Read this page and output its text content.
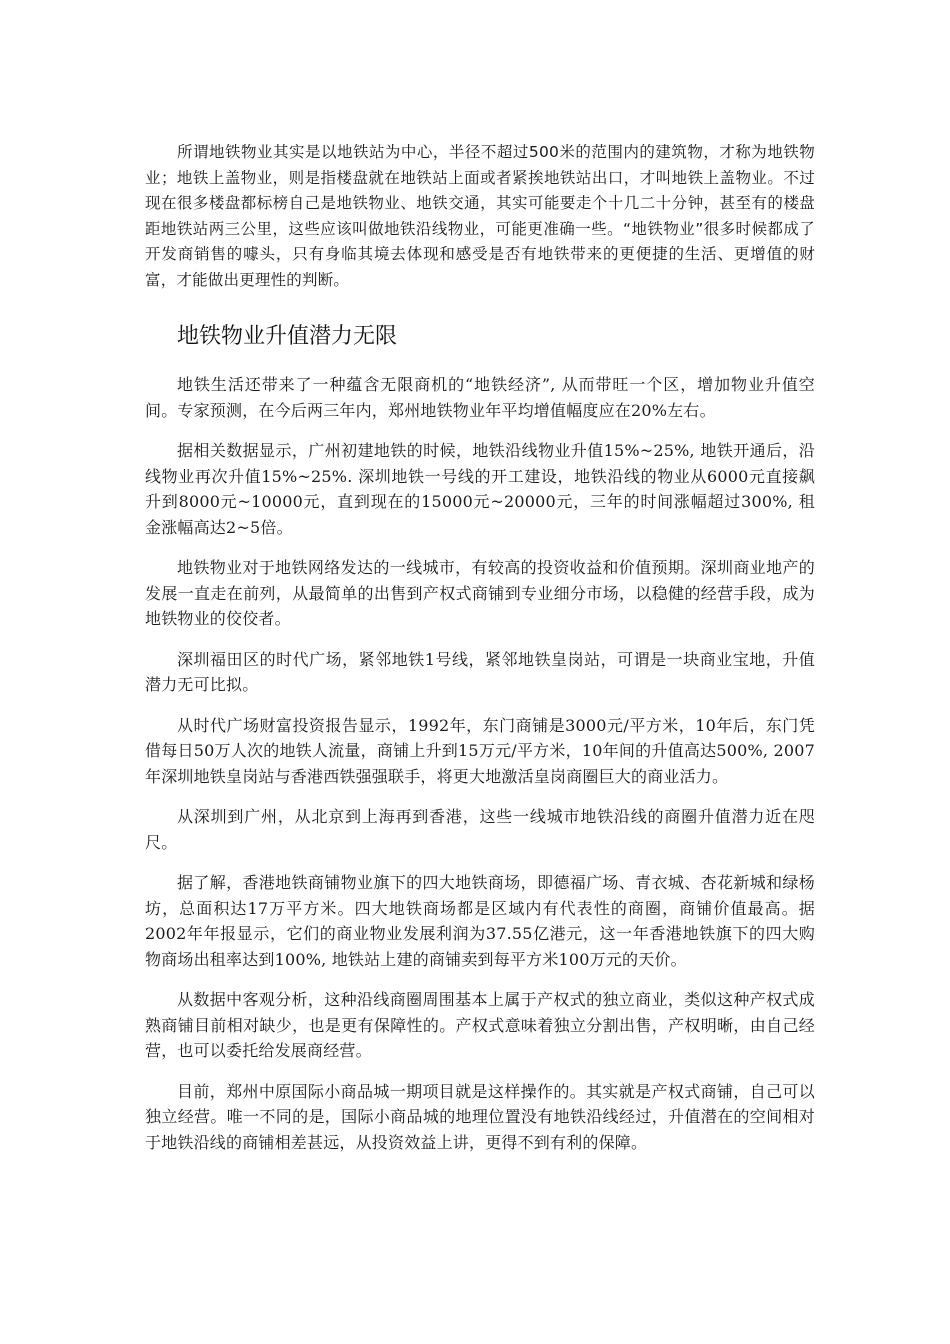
所谓地铁物业其实是以地铁站为中心，半径不超过500米的范围内的建筑物，才称为地铁物业；地铁上盖物业，则是指楼盘就在地铁站上面或者紧挨地铁站出口，才叫地铁上盖物业。不过现在很多楼盘都标榜自己是地铁物业、地铁交通，其实可能要走个十几二十分钟，甚至有的楼盘距地铁站两三公里，这些应该叫做地铁沿线物业，可能更准确一些。“地铁物业”很多时候都成了开发商销售的噱头，只有身临其境去体现和感受是否有地铁带来的更便捷的生活、更增值的财富，才能做出更理性的判断。

地铁物业升值潜力无限

地铁生活还带来了一种蕴含无限商机的“地铁经济”, 从而带旺一个区，增加物业升值空间。专家预测，在今后两三年内，郑州地铁物业年平均增值幅度应在20%左右。

据相关数据显示，广州初建地铁的时候，地铁沿线物业升值15%~25%, 地铁开通后，沿线物业再次升值15%~25%. 深圳地铁一号线的开工建设，地铁沿线的物业从6000元直接飙升到8000元~10000元，直到现在的15000元~20000元，三年的时间涨幅超过300%, 租金涨幅高达2~5倍。

地铁物业对于地铁网络发达的一线城市，有较高的投资收益和价值预期。深圳商业地产的发展一直走在前列，从最简单的出售到产权式商铺到专业细分市场，以稳健的经营手段，成为地铁物业的佼佼者。

深圳福田区的时代广场，紧邻地铁1号线，紧邻地铁皇岗站，可谓是一块商业宝地，升值潜力无可比拟。

从时代广场财富投资报告显示，1992年，东门商铺是3000元/平方米，10年后，东门凭借每日50万人次的地铁人流量，商铺上升到15万元/平方米，10年间的升值高达500%, 2007年深圳地铁皇岗站与香港西铁强强联手，将更大地激活皇岗商圈巨大的商业活力。

从深圳到广州，从北京到上海再到香港，这些一线城市地铁沿线的商圈升值潜力近在咫尺。

据了解，香港地铁商铺物业旗下的四大地铁商场，即德福广场、青衣城、杏花新城和绿杨坊，总面积达17万平方米。四大地铁商场都是区域内有代表性的商圈，商铺价值最高。据2002年年报显示，它们的商业物业发展利润为37.55亿港元，这一年香港地铁旗下的四大购物商场出租率达到100%, 地铁站上建的商铺卖到每平方米100万元的天价。

从数据中客观分析，这种沿线商圈周围基本上属于产权式的独立商业，类似这种产权式成熟商铺目前相对缺少，也是更有保障性的。产权式意味着独立分割出售，产权明晰，由自己经营，也可以委托给发展商经营。

目前，郑州中原国际小商品城一期项目就是这样操作的。其实就是产权式商铺，自己可以独立经营。唯一不同的是，国际小商品城的地理位置没有地铁沿线经过，升值潜在的空间相对于地铁沿线的商铺相差甚远，从投资效益上讲，更得不到有利的保障。
